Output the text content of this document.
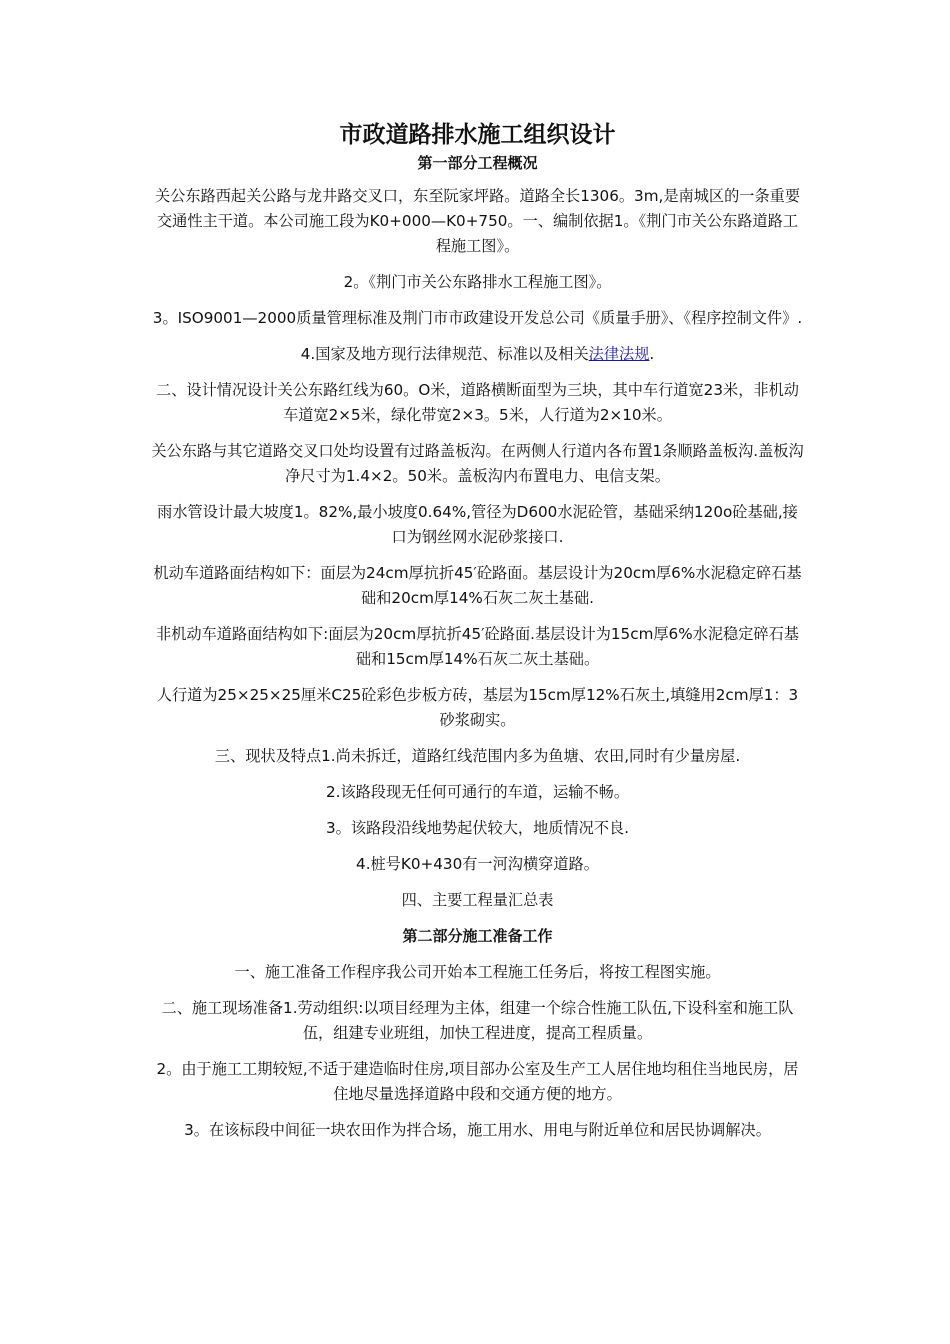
市政道路排水施工组织设计
第一部分工程概况

关公东路西起关公路与龙井路交叉口，东至阮家坪路。道路全长1306。3m,是南城区的一条重要交通性主干道。本公司施工段为K0+000—K0+750。一、编制依据1。《荆门市关公东路道路工程施工图》。

2。《荆门市关公东路排水工程施工图》。

3。ISO9001—2000质量管理标准及荆门市市政建设开发总公司《质量手册》、《程序控制文件》.

4.国家及地方现行法律规范、标准以及相关法律法规.

二、设计情况设计关公东路红线为60。O米，道路横断面型为三块，其中车行道宽23米，非机动车道宽2×5米，绿化带宽2×3。5米，人行道为2×10米。

关公东路与其它道路交叉口处均设置有过路盖板沟。在两侧人行道内各布置1条顺路盖板沟.盖板沟净尺寸为1.4×2。50米。盖板沟内布置电力、电信支架。

雨水管设计最大坡度1。82%,最小坡度0.64%,管径为D600水泥砼管，基础采纳120o砼基础,接口为钢丝网水泥砂浆接口.

机动车道路面结构如下：面层为24cm厚抗折45′砼路面。基层设计为20cm厚6%水泥稳定碎石基础和20cm厚14%石灰二灰土基础.

非机动车道路面结构如下:面层为20cm厚抗折45′砼路面.基层设计为15cm厚6%水泥稳定碎石基础和15cm厚14%石灰二灰土基础。

人行道为25×25×25厘米C25砼彩色步板方砖，基层为15cm厚12%石灰土,填缝用2cm厚1：3砂浆砌实。

三、现状及特点1.尚未拆迁，道路红线范围内多为鱼塘、农田,同时有少量房屋.

2.该路段现无任何可通行的车道，运输不畅。

3。该路段沿线地势起伏较大，地质情况不良.

4.桩号K0+430有一河沟横穿道路。

四、主要工程量汇总表

第二部分施工准备工作

一、施工准备工作程序我公司开始本工程施工任务后，将按工程图实施。

二、施工现场准备1.劳动组织:以项目经理为主体，组建一个综合性施工队伍,下设科室和施工队伍，组建专业班组，加快工程进度，提高工程质量。

2。由于施工工期较短,不适于建造临时住房,项目部办公室及生产工人居住地均租住当地民房，居住地尽量选择道路中段和交通方便的地方。

3。在该标段中间征一块农田作为拌合场，施工用水、用电与附近单位和居民协调解决。
